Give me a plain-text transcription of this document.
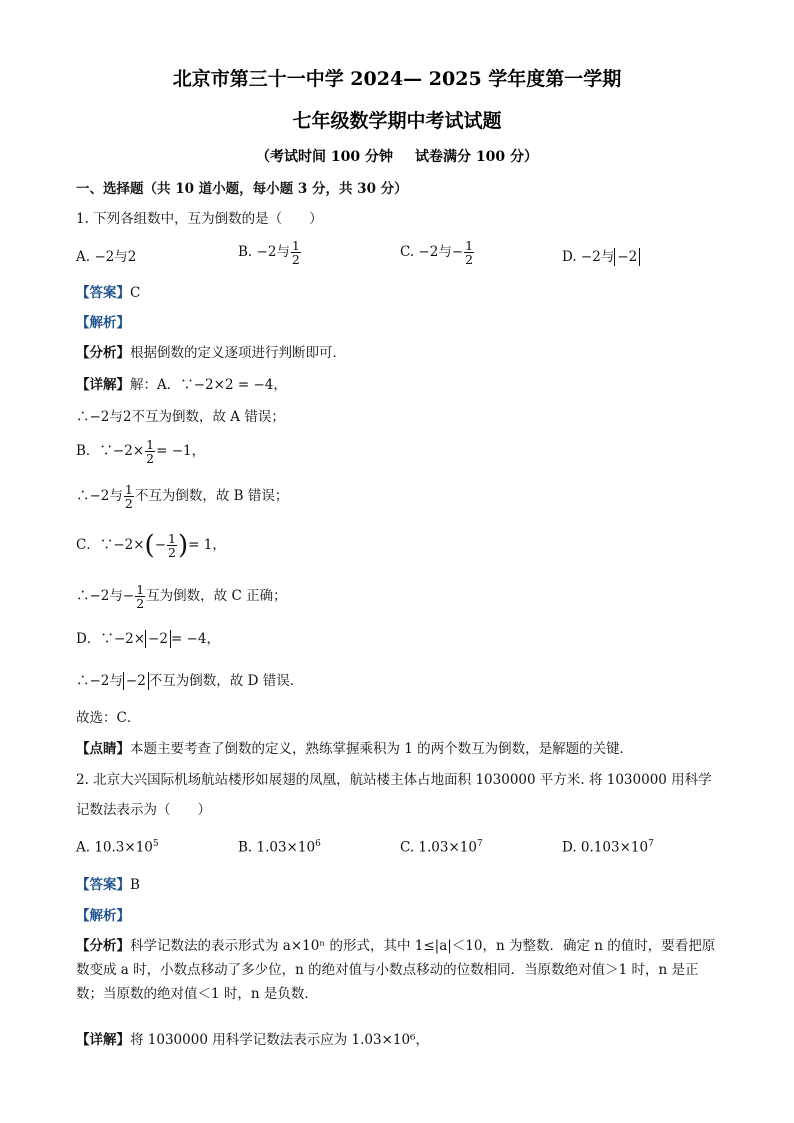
北京市第三十一中学 2024— 2025 学年度第一学期
七年级数学期中考试试题
（考试时间 100 分钟 试卷满分 100 分）
一、选择题（共 10 道小题，每小题 3 分，共 30 分）
1. 下列各组数中，互为倒数的是（　　）
A. −2与2	B. −2与 $\frac{1}{2}$	C. −2与− $\frac{1}{2}$	D. −2与 −2
【答案】C
【解析】
【分析】根据倒数的定义逐项进行判断即可．
【详解】解：A．∵−2×2 = −4，
∴−2与2不互为倒数，故 A 错误；
B．∵−2× $\frac{1}{2} = -1$，
∴−2与 $\frac{1}{2}$ 不互为倒数，故 B 错误；
C．∵−2×(− $\frac{1}{2}$ )= 1，
∴−2与− $\frac{1}{2}$ 互为倒数，故 C 正确；
D．∵−2× −2 = −4，
∴−2与 −2 不互为倒数，故 D 错误．
故选：C．
【点睛】本题主要考查了倒数的定义，熟练掌握乘积为 1 的两个数互为倒数，是解题的关键．
2. 北京大兴国际机场航站楼形如展翅的凤凰，航站楼主体占地面积 1030000 平方米. 将 1030000 用科学
记数法表示为（　　）
A. $10.3\times 10^5$	B. $1.03\times 10^6$	C. $1.03\times 10^7$	D. $0.103\times 10^7$
【答案】B
【解析】
【分析】科学记数法的表示形式为 a×10ⁿ 的形式，其中 1≤|a|＜10，n 为整数．确定 n 的值时，要看把原数变成 a 时，小数点移动了多少位，n 的绝对值与小数点移动的位数相同．当原数绝对值＞1 时，n 是正数；当原数的绝对值＜1 时，n 是负数．
【详解】将 1030000 用科学记数法表示应为 1.03×10⁶，
